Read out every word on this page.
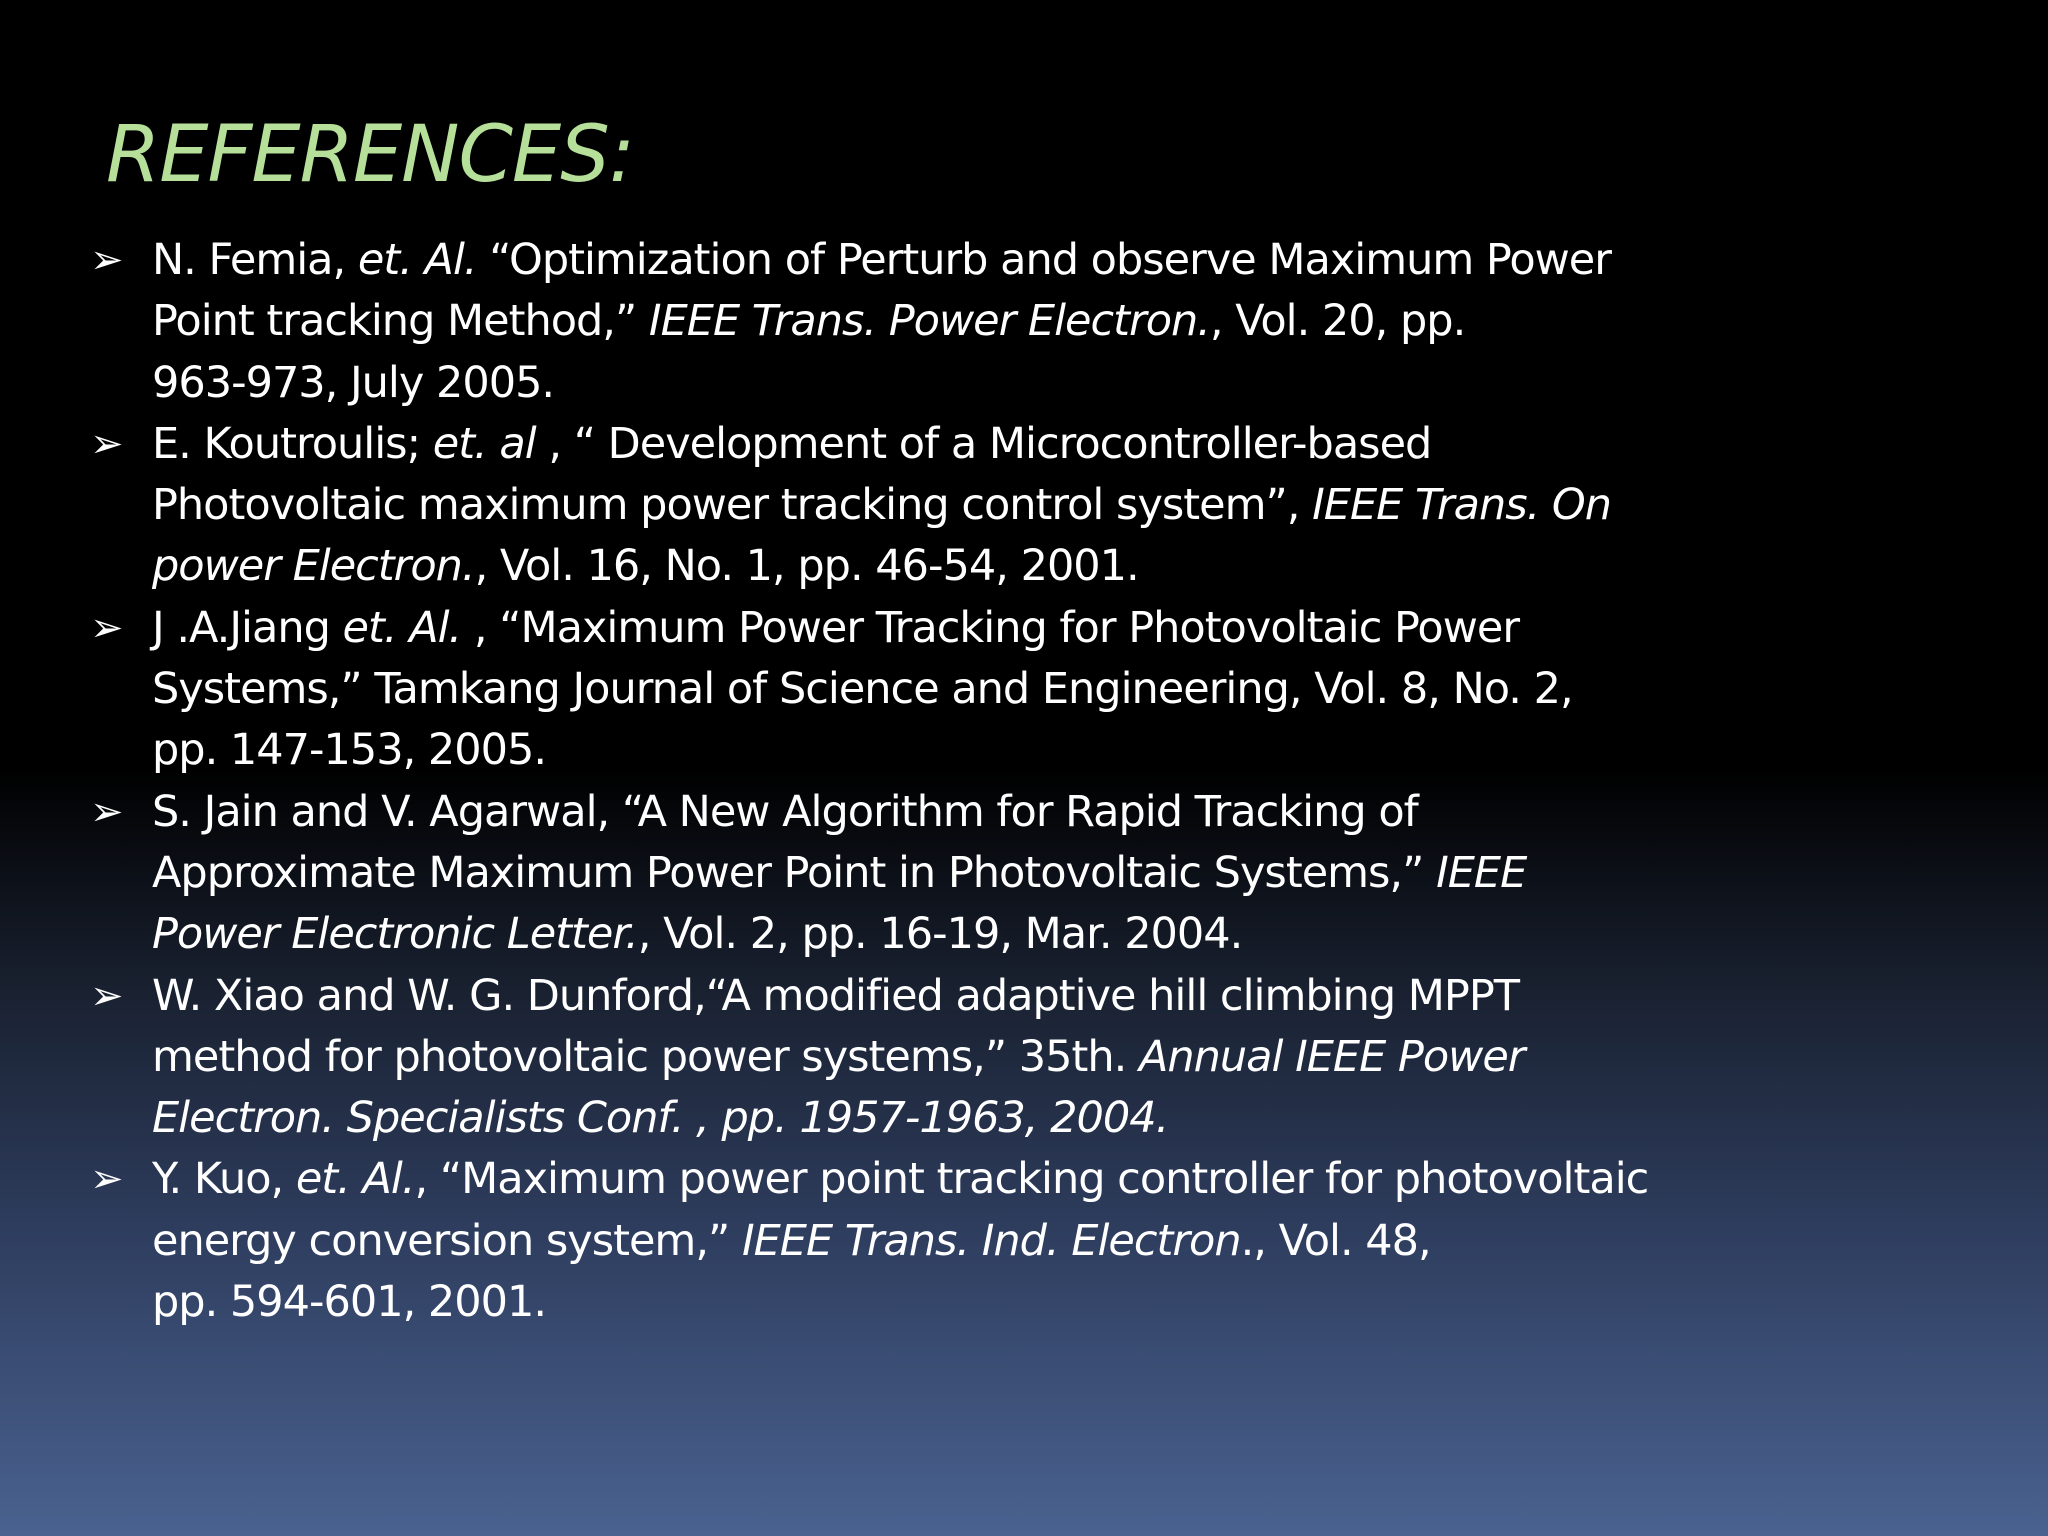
REFERENCES:
➢ N. Femia, et. Al. “Optimization of Perturb and observe Maximum Power
Point tracking Method,” IEEE Trans. Power Electron., Vol. 20, pp.
963-973, July 2005.
➢ E. Koutroulis; et. al , “ Development of a Microcontroller-based
Photovoltaic maximum power tracking control system”, IEEE Trans. On
power Electron., Vol. 16, No. 1, pp. 46-54, 2001.
➢ J .A.Jiang et. Al. , “Maximum Power Tracking for Photovoltaic Power
Systems,” Tamkang Journal of Science and Engineering, Vol. 8, No. 2,
pp. 147-153, 2005.
➢ S. Jain and V. Agarwal, “A New Algorithm for Rapid Tracking of
Approximate Maximum Power Point in Photovoltaic Systems,” IEEE
Power Electronic Letter., Vol. 2, pp. 16-19, Mar. 2004.
➢ W. Xiao and W. G. Dunford,“A modified adaptive hill climbing MPPT
method for photovoltaic power systems,” 35th. Annual IEEE Power
Electron. Specialists Conf. , pp. 1957-1963, 2004.
➢ Y. Kuo, et. Al., “Maximum power point tracking controller for photovoltaic
energy conversion system,” IEEE Trans. Ind. Electron., Vol. 48,
pp. 594-601, 2001.
